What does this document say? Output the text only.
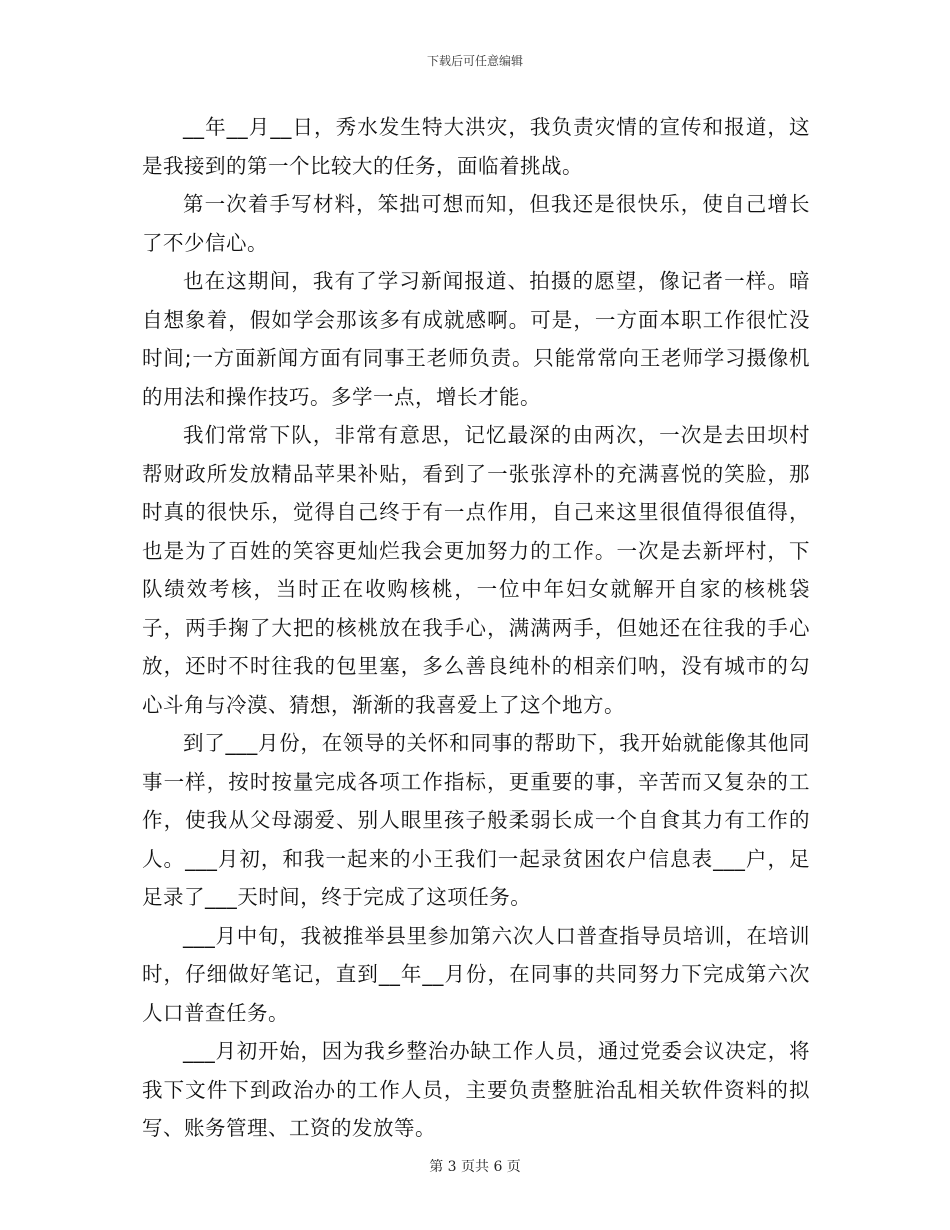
下载后可任意编辑

__年__月__日，秀水发生特大洪灾，我负责灾情的宣传和报道，这是我接到的第一个比较大的任务，面临着挑战。

第一次着手写材料，笨拙可想而知，但我还是很快乐，使自己增长了不少信心。

也在这期间，我有了学习新闻报道、拍摄的愿望，像记者一样。暗自想象着，假如学会那该多有成就感啊。可是，一方面本职工作很忙没时间;一方面新闻方面有同事王老师负责。只能常常向王老师学习摄像机的用法和操作技巧。多学一点，增长才能。

我们常常下队，非常有意思，记忆最深的由两次，一次是去田坝村帮财政所发放精品苹果补贴，看到了一张张淳朴的充满喜悦的笑脸，那时真的很快乐，觉得自己终于有一点作用，自己来这里很值得很值得，也是为了百姓的笑容更灿烂我会更加努力的工作。一次是去新坪村，下队绩效考核，当时正在收购核桃，一位中年妇女就解开自家的核桃袋子，两手掬了大把的核桃放在我手心，满满两手，但她还在往我的手心放，还时不时往我的包里塞，多么善良纯朴的相亲们呐，没有城市的勾心斗角与冷漠、猜想，渐渐的我喜爱上了这个地方。

到了___月份，在领导的关怀和同事的帮助下，我开始就能像其他同事一样，按时按量完成各项工作指标，更重要的事，辛苦而又复杂的工作，使我从父母溺爱、别人眼里孩子般柔弱长成一个自食其力有工作的人。___月初，和我一起来的小王我们一起录贫困农户信息表___户，足足录了___天时间，终于完成了这项任务。

___月中旬，我被推举县里参加第六次人口普查指导员培训，在培训时，仔细做好笔记，直到__年__月份，在同事的共同努力下完成第六次人口普查任务。

___月初开始，因为我乡整治办缺工作人员，通过党委会议决定，将我下文件下到政治办的工作人员，主要负责整脏治乱相关软件资料的拟写、账务管理、工资的发放等。

第 3 页共 6 页
